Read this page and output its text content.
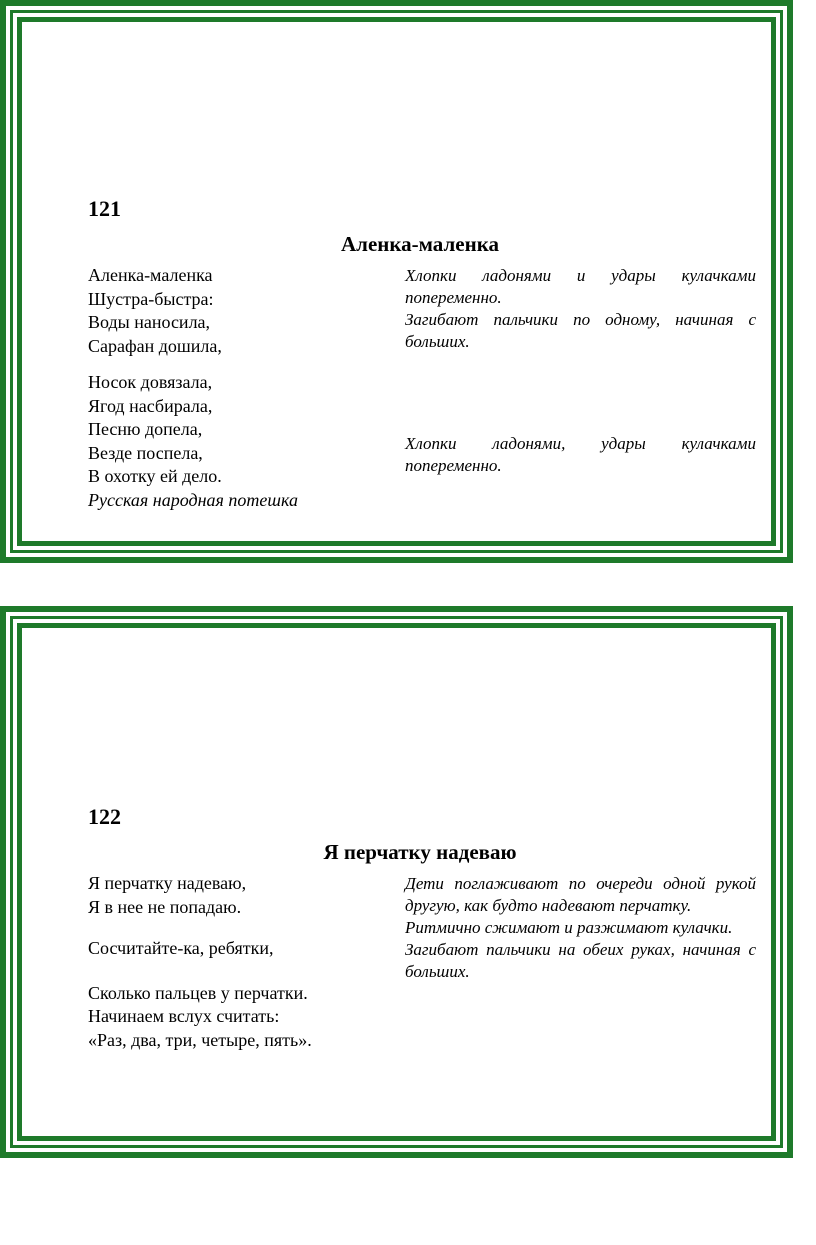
121
Аленка-маленка
Аленка-маленка
Шустра-быстра:
Воды наносила,
Сарафан дошила,
Носок довязала,
Ягод насбирала,
Песню допела,
Везде поспела,
В охотку ей дело.
Русская народная потешка
Хлопки ладонями и удары кулачками попеременно.
Загибают пальчики по одному, начиная с больших.
Хлопки ладонями, удары кулачками попеременно.
122
Я перчатку надеваю
Я перчатку надеваю,
Я в нее не попадаю.
Сосчитайте-ка, ребятки,
Сколько пальцев у перчатки.
Начинаем вслух считать:
«Раз, два, три, четыре, пять».
Дети поглаживают по очереди одной рукой другую, как будто надевают перчатку.
Ритмично сжимают и разжимают кулачки.
Загибают пальчики на обеих руках, начиная с больших.
